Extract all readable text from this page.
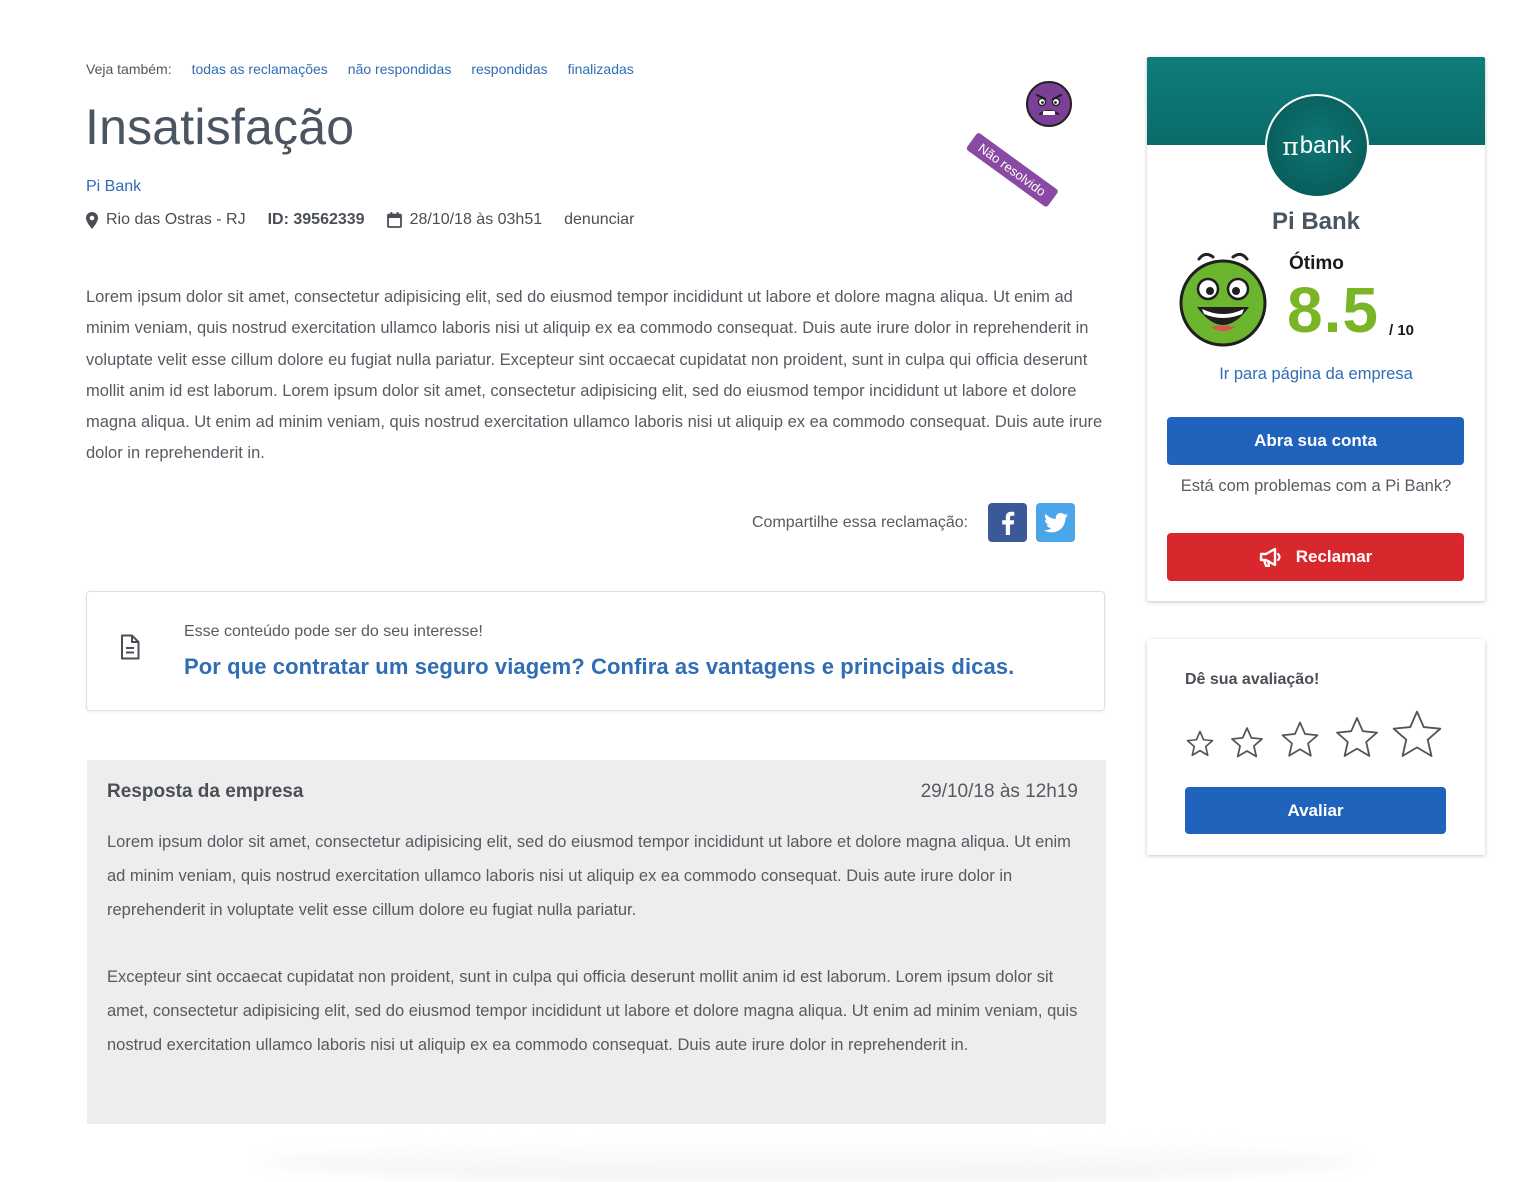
Veja também: todas as reclamações não respondidas respondidas finalizadas
Insatisfação
Não resolvido
Pi Bank
Rio das Ostras - RJ ID:
39562339	28/10/18 às 03h51 denunciar

Lorem ipsum dolor sit amet, consectetur adipisicing elit, sed do eiusmod tempor incididunt ut labore et dolore magna aliqua. Ut enim ad minim veniam, quis nostrud exercitation ullamco laboris nisi ut aliquip ex ea commodo consequat. Duis aute irure dolor in reprehenderit in voluptate velit esse cillum dolore eu fugiat nulla pariatur. Excepteur sint occaecat cupidatat non proident, sunt in culpa qui officia deserunt mollit anim id est laborum. Lorem ipsum dolor sit amet, consectetur adipisicing elit, sed do eiusmod tempor incididunt ut labore et dolore magna aliqua. Ut enim ad minim veniam, quis nostrud exercitation ullamco laboris nisi ut aliquip ex ea commodo consequat. Duis aute irure dolor in reprehenderit in.

Compartilhe essa reclamação:
Esse conteúdo pode ser do seu interesse!
Por que contratar um seguro viagem? Confira as vantagens e principais dicas.
Resposta da empresa	29/10/18 às 12h19

Lorem ipsum dolor sit amet, consectetur adipisicing elit, sed do eiusmod tempor incididunt ut labore et dolore magna aliqua. Ut enim ad minim veniam, quis nostrud exercitation ullamco laboris nisi ut aliquip ex ea commodo consequat. Duis aute irure dolor in reprehenderit in voluptate velit esse cillum dolore eu fugiat nulla pariatur.

Excepteur sint occaecat cupidatat non proident, sunt in culpa qui officia deserunt mollit anim id est laborum. Lorem ipsum dolor sit amet, consectetur adipisicing elit, sed do eiusmod tempor incididunt ut labore et dolore magna aliqua. Ut enim ad minim veniam, quis nostrud exercitation ullamco laboris nisi ut aliquip ex ea commodo consequat. Duis aute irure dolor in reprehenderit in.

π bank
Pi Bank
Ótimo
8.5 / 10
Ir para página da empresa
Abra sua conta
Está com problemas com a Pi Bank?
Reclamar
Dê sua avaliação!
Avaliar
